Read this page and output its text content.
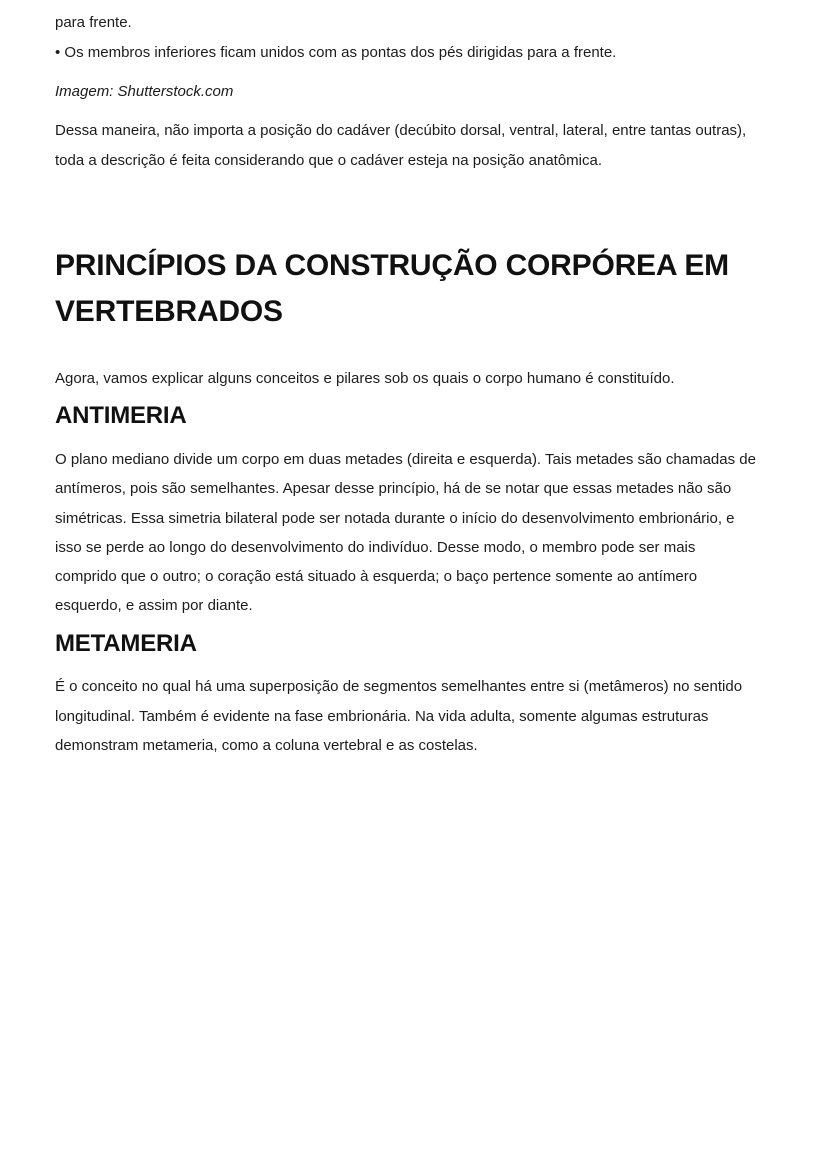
para frente.
• Os membros inferiores ficam unidos com as pontas dos pés dirigidas para a frente.
Imagem: Shutterstock.com
Dessa maneira, não importa a posição do cadáver (decúbito dorsal, ventral, lateral, entre tantas outras),
toda a descrição é feita considerando que o cadáver esteja na posição anatômica.
PRINCÍPIOS DA CONSTRUÇÃO CORPÓREA EM
VERTEBRADOS
Agora, vamos explicar alguns conceitos e pilares sob os quais o corpo humano é constituído.
ANTIMERIA
O plano mediano divide um corpo em duas metades (direita e esquerda). Tais metades são chamadas de
antímeros, pois são semelhantes. Apesar desse princípio, há de se notar que essas metades não são
simétricas. Essa simetria bilateral pode ser notada durante o início do desenvolvimento embrionário, e
isso se perde ao longo do desenvolvimento do indivíduo. Desse modo, o membro pode ser mais
comprido que o outro; o coração está situado à esquerda; o baço pertence somente ao antímero
esquerdo, e assim por diante.
METAMERIA
É o conceito no qual há uma superposição de segmentos semelhantes entre si (metâmeros) no sentido
longitudinal. Também é evidente na fase embrionária. Na vida adulta, somente algumas estruturas
demonstram metameria, como a coluna vertebral e as costelas.
